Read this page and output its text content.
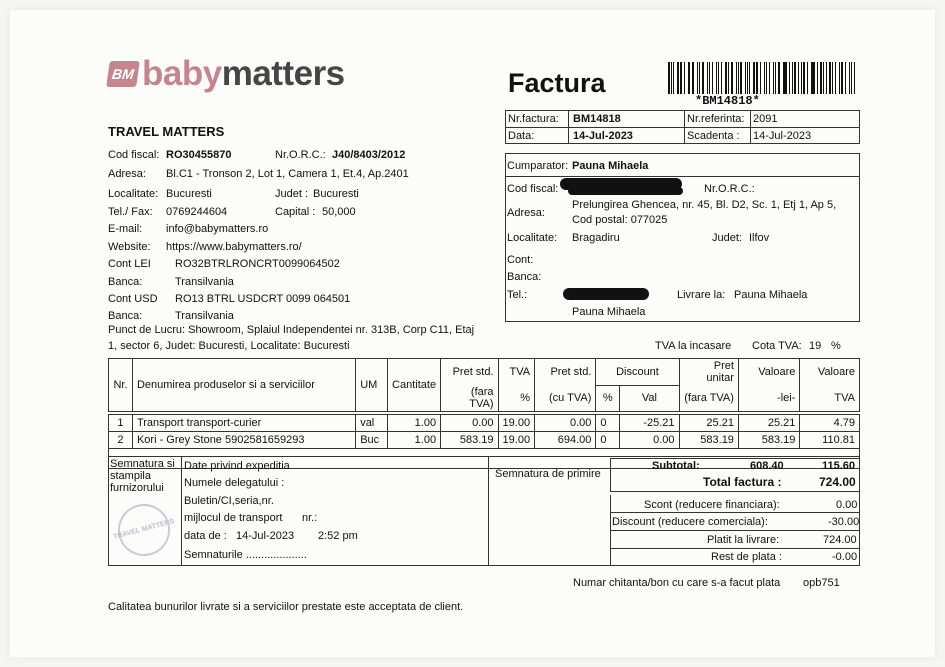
BM babymatters	Factura
*BM14818*
TRAVEL MATTERS
Cod fiscal: RO30455870	Nr.O.R.C.: J40/8403/2012
Adresa: Bl.C1 - Tronson 2, Lot 1, Camera 1, Et.4, Ap.2401
Localitate: Bucuresti	Judet : Bucuresti
Tel./ Fax: 0769244604	Capital : 50,000
E-mail: info@babymatters.ro
Website: https://www.babymatters.ro/
Cont LEI RO32BTRLRONCRT0099064502
Banca:	Transilvania
Cont USD RO13 BTRL USDCRT 0099 064501
Banca:	Transilvania
Punct de Lucru: Showroom, Splaiul Independentei nr. 313B, Corp C11, Etaj
1, sector 6, Judet: Bucuresti, Localitate: Bucuresti
Nr.factura: BM14818	Nr.referinta: 2091
Data:	14-Jul-2023	Scadenta : 14-Jul-2023
Cumparator: Pauna Mihaela
Cod fiscal:	Nr.O.R.C.:
Adresa:
Prelungirea Ghencea, nr. 45, Bl. D2, Sc. 1, Etj 1, Ap 5,
Cod postal: 077025
Localitate: Bragadiru	Judet: Ilfov
Cont:
Banca:
Tel.:	Livrare la: Pauna Mihaela
Pauna Mihaela
TVA la incasare Cota TVA: 19 %
Nr.	Denumirea produselor si a serviciilor	UM	Cantitate	Pret std.	TVA	Pret std.	Discount		Pret unitar	Valoare	Valoare
				(fara TVA)	%	(cu TVA)	%	Val	(fara TVA)	-lei-	TVA

1	Transport transport-curier	val	1.00	0.00	19.00	0.00	0	-25.21	25.21	25.21	4.79
2	Kori - Grey Stone 5902581659293	Buc	1.00	583.19	19.00	694.00	0	0.00	583.19	583.19	110.81

Semnatura si
stampila
furnizorului
TRAVEL MATTERS
Date privind expeditia
Numele delegatului :
Buletin/CI,seria,nr.
mijlocul de transport nr.:
data de : 14-Jul-2023 2:52 pm
Semnaturile ....................
Semnatura de primire
Subtotal:	608.40	115.60
Total factura :	724.00
Scont (reducere financiara):	0.00
Discount (reducere comerciala):	-30.00
Platit la livrare:	724.00
Rest de plata :	-0.00
Numar chitanta/bon cu care s-a facut plata opb751
Calitatea bunurilor livrate si a serviciilor prestate este acceptata de client.
